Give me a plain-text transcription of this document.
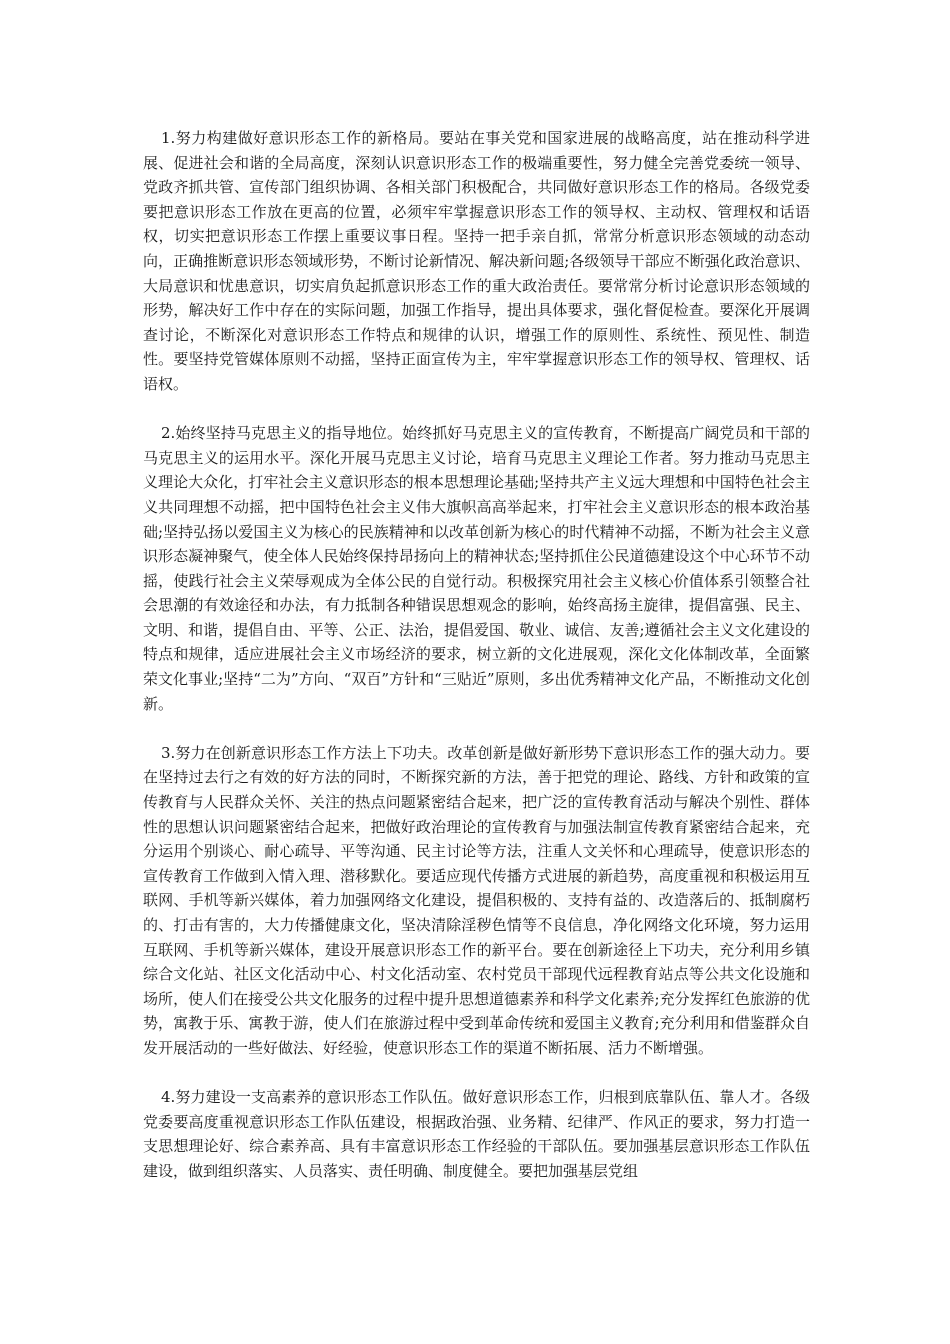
1.努力构建做好意识形态工作的新格局。要站在事关党和国家进展的战略高度，站在推动科学进展、促进社会和谐的全局高度，深刻认识意识形态工作的极端重要性，努力健全完善党委统一领导、党政齐抓共管、宣传部门组织协调、各相关部门积极配合，共同做好意识形态工作的格局。各级党委要把意识形态工作放在更高的位置，必须牢牢掌握意识形态工作的领导权、主动权、管理权和话语权，切实把意识形态工作摆上重要议事日程。坚持一把手亲自抓，常常分析意识形态领域的动态动向，正确推断意识形态领域形势，不断讨论新情况、解决新问题;各级领导干部应不断强化政治意识、大局意识和忧患意识，切实肩负起抓意识形态工作的重大政治责任。要常常分析讨论意识形态领域的形势，解决好工作中存在的实际问题，加强工作指导，提出具体要求，强化督促检查。要深化开展调查讨论，不断深化对意识形态工作特点和规律的认识，增强工作的原则性、系统性、预见性、制造性。要坚持党管媒体原则不动摇，坚持正面宣传为主，牢牢掌握意识形态工作的领导权、管理权、话语权。

2.始终坚持马克思主义的指导地位。始终抓好马克思主义的宣传教育，不断提高广阔党员和干部的马克思主义的运用水平。深化开展马克思主义讨论，培育马克思主义理论工作者。努力推动马克思主义理论大众化，打牢社会主义意识形态的根本思想理论基础;坚持共产主义远大理想和中国特色社会主义共同理想不动摇，把中国特色社会主义伟大旗帜高高举起来，打牢社会主义意识形态的根本政治基础;坚持弘扬以爱国主义为核心的民族精神和以改革创新为核心的时代精神不动摇，不断为社会主义意识形态凝神聚气，使全体人民始终保持昂扬向上的精神状态;坚持抓住公民道德建设这个中心环节不动摇，使践行社会主义荣辱观成为全体公民的自觉行动。积极探究用社会主义核心价值体系引领整合社会思潮的有效途径和办法，有力抵制各种错误思想观念的影响，始终高扬主旋律，提倡富强、民主、文明、和谐，提倡自由、平等、公正、法治，提倡爱国、敬业、诚信、友善;遵循社会主义文化建设的特点和规律，适应进展社会主义市场经济的要求，树立新的文化进展观，深化文化体制改革，全面繁荣文化事业;坚持“二为”方向、“双百”方针和“三贴近”原则，多出优秀精神文化产品，不断推动文化创新。

3.努力在创新意识形态工作方法上下功夫。改革创新是做好新形势下意识形态工作的强大动力。要在坚持过去行之有效的好方法的同时，不断探究新的方法，善于把党的理论、路线、方针和政策的宣传教育与人民群众关怀、关注的热点问题紧密结合起来，把广泛的宣传教育活动与解决个别性、群体性的思想认识问题紧密结合起来，把做好政治理论的宣传教育与加强法制宣传教育紧密结合起来，充分运用个别谈心、耐心疏导、平等沟通、民主讨论等方法，注重人文关怀和心理疏导，使意识形态的宣传教育工作做到入情入理、潜移默化。要适应现代传播方式进展的新趋势，高度重视和积极运用互联网、手机等新兴媒体，着力加强网络文化建设，提倡积极的、支持有益的、改造落后的、抵制腐朽的、打击有害的，大力传播健康文化，坚决清除淫秽色情等不良信息，净化网络文化环境，努力运用互联网、手机等新兴媒体，建设开展意识形态工作的新平台。要在创新途径上下功夫，充分利用乡镇综合文化站、社区文化活动中心、村文化活动室、农村党员干部现代远程教育站点等公共文化设施和场所，使人们在接受公共文化服务的过程中提升思想道德素养和科学文化素养;充分发挥红色旅游的优势，寓教于乐、寓教于游，使人们在旅游过程中受到革命传统和爱国主义教育;充分利用和借鉴群众自发开展活动的一些好做法、好经验，使意识形态工作的渠道不断拓展、活力不断增强。

4.努力建设一支高素养的意识形态工作队伍。做好意识形态工作，归根到底靠队伍、靠人才。各级党委要高度重视意识形态工作队伍建设，根据政治强、业务精、纪律严、作风正的要求，努力打造一支思想理论好、综合素养高、具有丰富意识形态工作经验的干部队伍。要加强基层意识形态工作队伍建设，做到组织落实、人员落实、责任明确、制度健全。要把加强基层党组
